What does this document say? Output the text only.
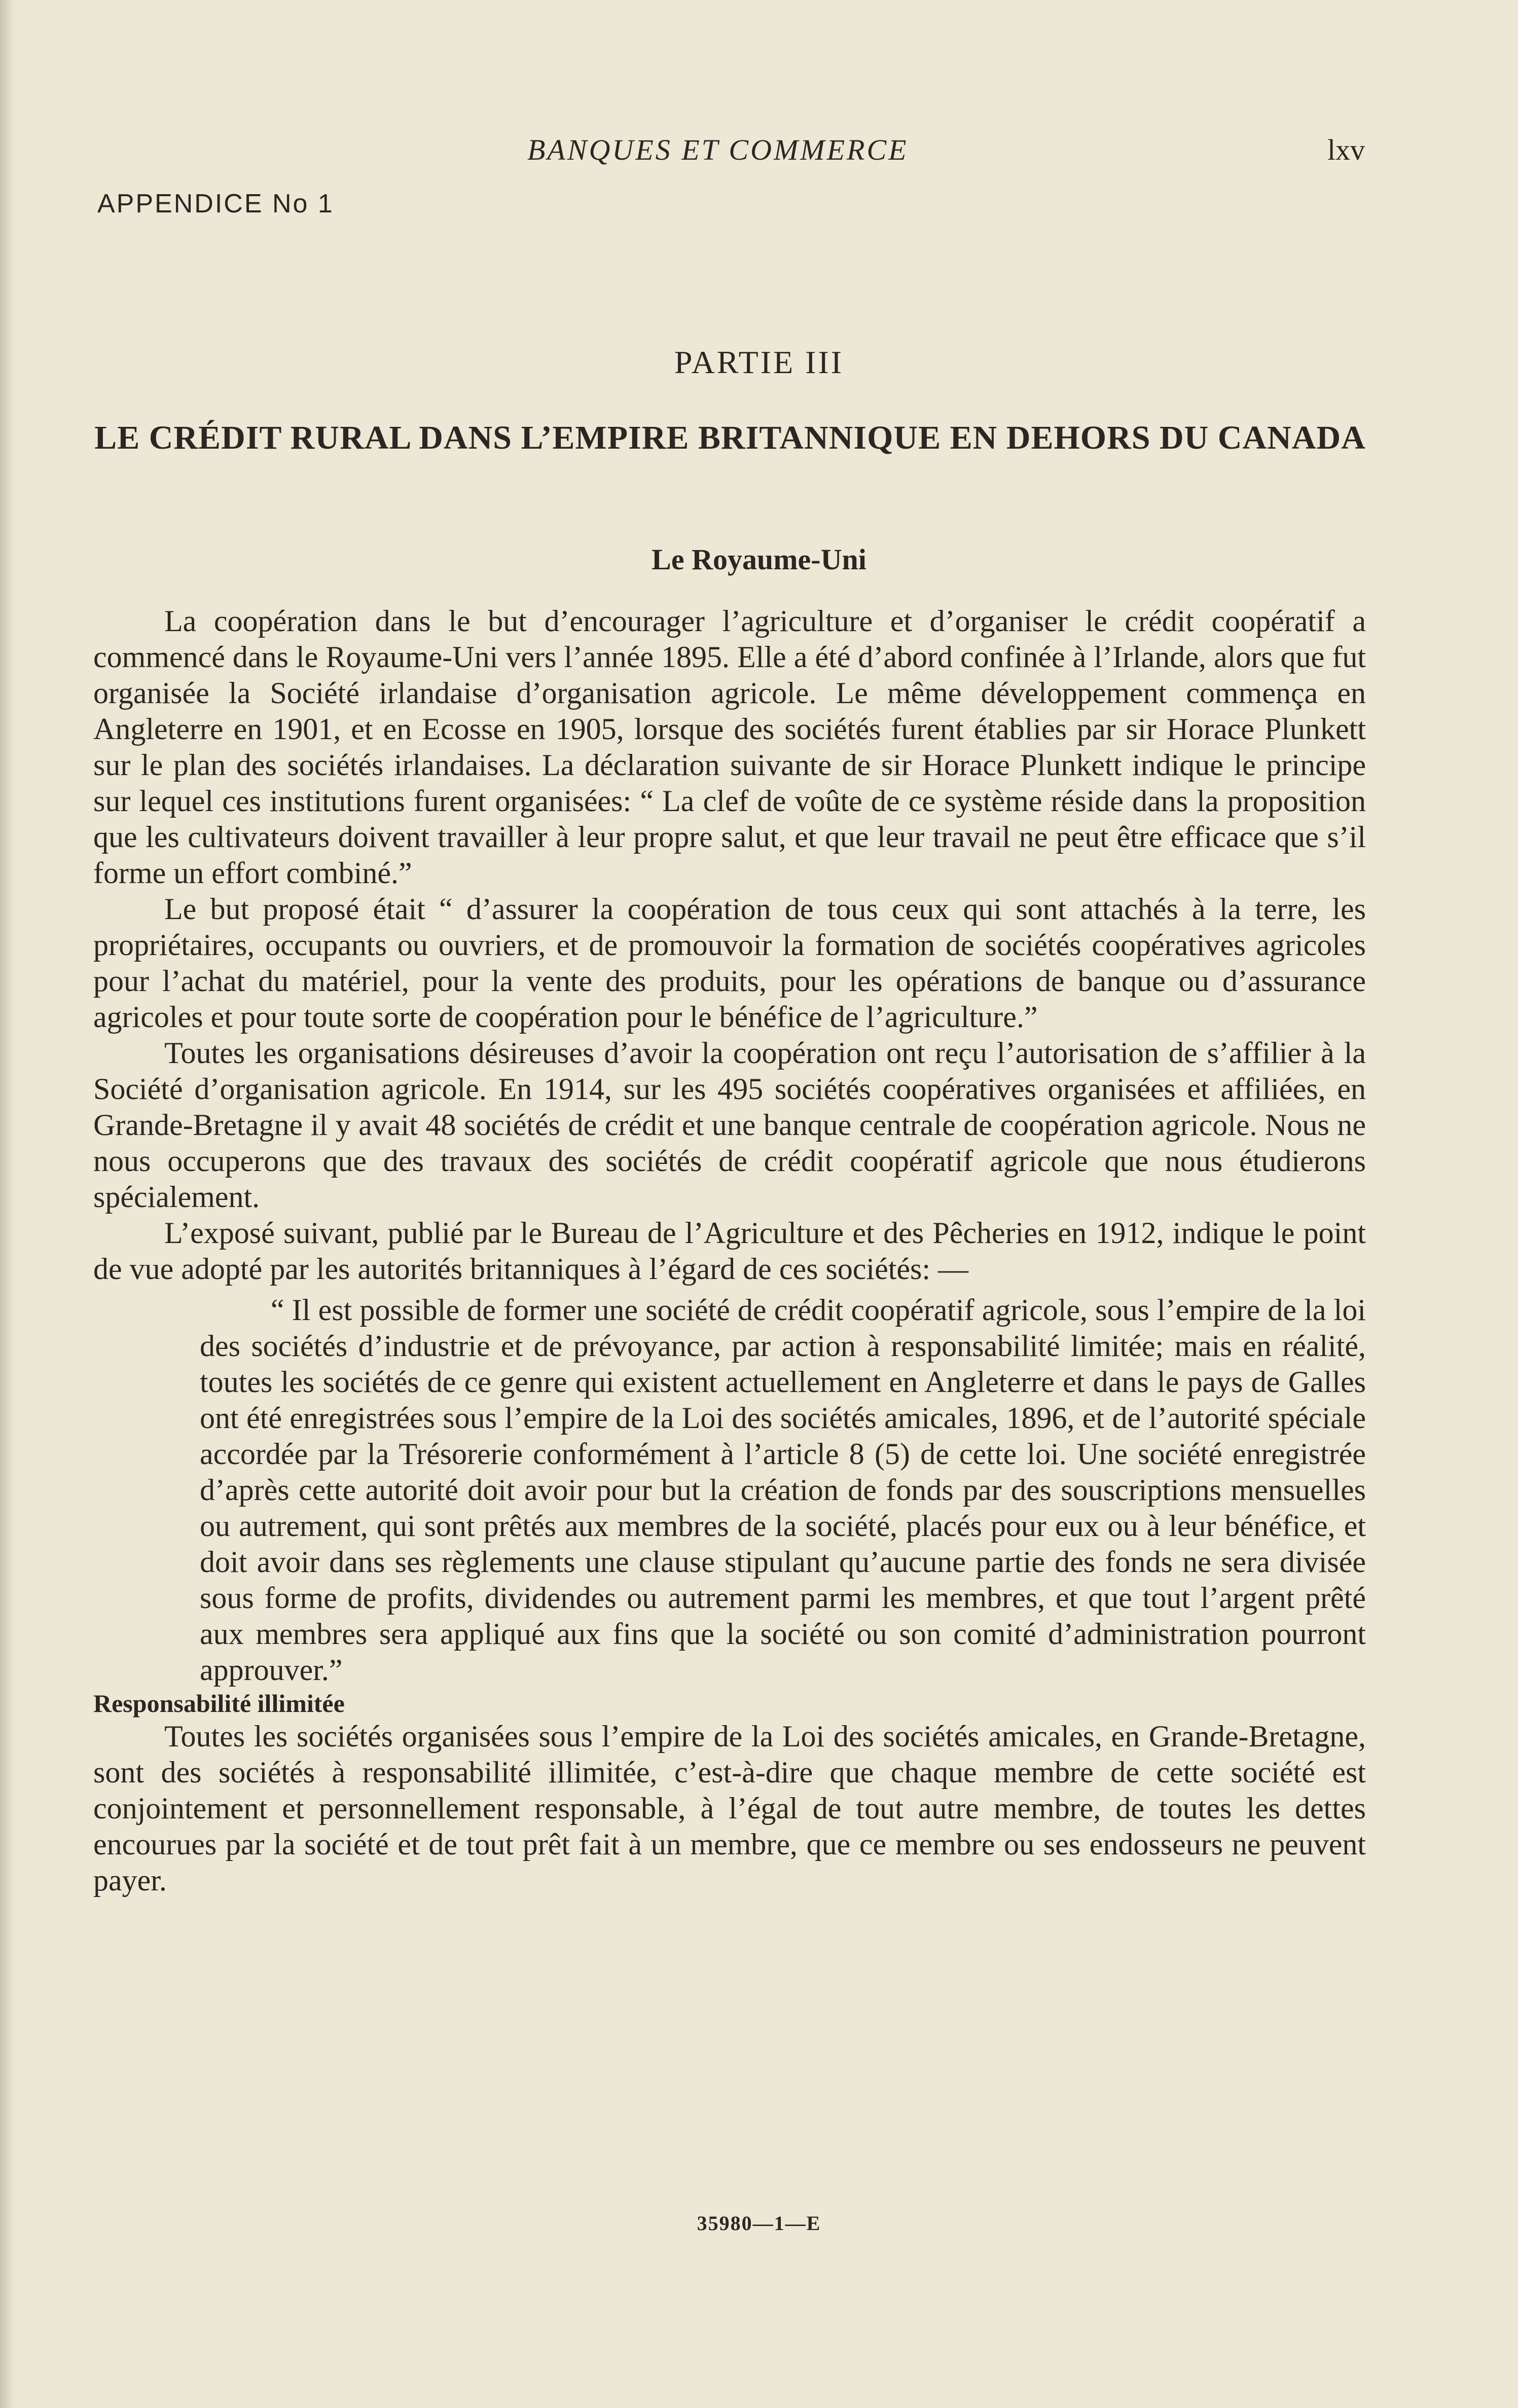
BANQUES ET COMMERCE	lxv
APPENDICE No 1
PARTIE III
LE CRÉDIT RURAL DANS L’EMPIRE BRITANNIQUE EN DEHORS DU CANADA
Le Royaume-Uni

La coopération dans le but d’encourager l’agriculture et d’organiser le crédit coopératif a commencé dans le Royaume-Uni vers l’année 1895. Elle a été d’abord confinée à l’Irlande, alors que fut organisée la Société irlandaise d’organisation agricole. Le même développement commença en Angleterre en 1901, et en Ecosse en 1905, lorsque des sociétés furent établies par sir Horace Plunkett sur le plan des sociétés irlandaises. La déclaration suivante de sir Horace Plunkett indique le principe sur lequel ces institutions furent organisées: “ La clef de voûte de ce système réside dans la proposition que les cultivateurs doivent travailler à leur propre salut, et que leur travail ne peut être efficace que s’il forme un effort combiné.”

Le but proposé était “ d’assurer la coopération de tous ceux qui sont attachés à la terre, les propriétaires, occupants ou ouvriers, et de promouvoir la formation de sociétés coopératives agricoles pour l’achat du matériel, pour la vente des produits, pour les opérations de banque ou d’assurance agricoles et pour toute sorte de coopération pour le bénéfice de l’agriculture.”

Toutes les organisations désireuses d’avoir la coopération ont reçu l’autorisation de s’affilier à la Société d’organisation agricole. En 1914, sur les 495 sociétés coopératives organisées et affiliées, en Grande-Bretagne il y avait 48 sociétés de crédit et une banque centrale de coopération agricole. Nous ne nous occuperons que des travaux des sociétés de crédit coopératif agricole que nous étudierons spécialement.

L’exposé suivant, publié par le Bureau de l’Agriculture et des Pêcheries en 1912, indique le point de vue adopté par les autorités britanniques à l’égard de ces sociétés: —

“ Il est possible de former une société de crédit coopératif agricole, sous l’empire de la loi des sociétés d’industrie et de prévoyance, par action à responsabilité limitée; mais en réalité, toutes les sociétés de ce genre qui existent actuellement en Angleterre et dans le pays de Galles ont été enregistrées sous l’empire de la Loi des sociétés amicales, 1896, et de l’autorité spéciale accordée par la Trésorerie conformément à l’article 8 (5) de cette loi. Une société enregistrée d’après cette autorité doit avoir pour but la création de fonds par des souscriptions mensuelles ou autrement, qui sont prêtés aux membres de la société, placés pour eux ou à leur bénéfice, et doit avoir dans ses règlements une clause stipulant qu’aucune partie des fonds ne sera divisée sous forme de profits, dividendes ou autrement parmi les membres, et que tout l’argent prêté aux membres sera appliqué aux fins que la société ou son comité d’administration pourront approuver.”

Responsabilité illimitée

Toutes les sociétés organisées sous l’empire de la Loi des sociétés amicales, en Grande-Bretagne, sont des sociétés à responsabilité illimitée, c’est-à-dire que chaque membre de cette société est conjointement et personnellement responsable, à l’égal de tout autre membre, de toutes les dettes encourues par la société et de tout prêt fait à un membre, que ce membre ou ses endosseurs ne peuvent payer.

35980—1—E
